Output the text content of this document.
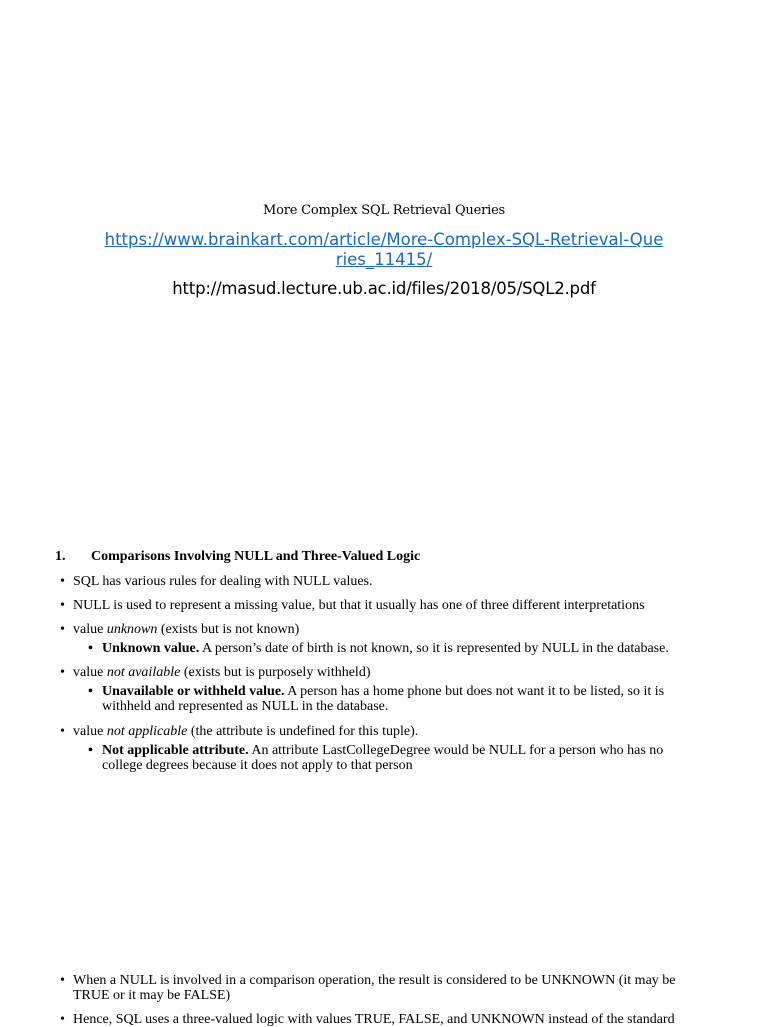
More Complex SQL Retrieval Queries
https://www.brainkart.com/article/More-Complex-SQL-Retrieval-Queries_11415/
http://masud.lecture.ub.ac.id/files/2018/05/SQL2.pdf
1. Comparisons Involving NULL and Three-Valued Logic
• SQL has various rules for dealing with NULL values.
• NULL is used to represent a missing value, but that it usually has one of three different interpretations
• value unknown (exists but is not known)
• Unknown value. A person’s date of birth is not known, so it is represented by NULL in the database.
• value not available (exists but is purposely withheld)
• Unavailable or withheld value. A person has a home phone but does not want it to be listed, so it is withheld and represented as NULL in the database.
• value not applicable (the attribute is undefined for this tuple).
• Not applicable attribute. An attribute LastCollegeDegree would be NULL for a person who has no college degrees because it does not apply to that person
• When a NULL is involved in a comparison operation, the result is considered to be UNKNOWN (it may be TRUE or it may be FALSE)
• Hence, SQL uses a three-valued logic with values TRUE, FALSE, and UNKNOWN instead of the standard
